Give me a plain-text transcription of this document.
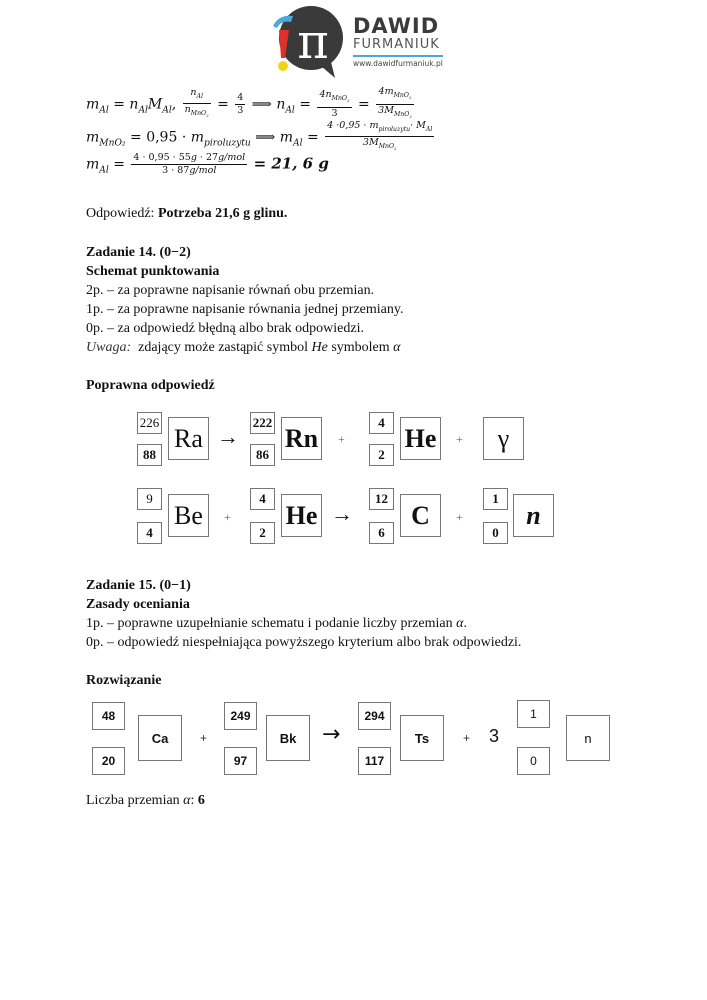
π DAWID
FURMANIUK
www.dawidfurmaniuk.pl
$m_{Al} = n_{Al}M_{Al}$, $\frac{n_{Al}}{n_{MnO_2}} = \frac{4}{3}$ ⟹ $n_{Al} = \frac{4n_{MnO_2}}{3} = \frac{4m_{MnO_2}}{3M_{MnO_2}}$
$m_{MnO_2} = 0,95 \cdot m_{piroluzytu}$ ⟹ $m_{Al} = \frac{4 \cdot 0,95 \cdot m_{piroluzytu}\cdot M_{Al}}{3M_{MnO_2}}$
$m_{Al} = \frac{\text{4 · 0,95 · 55g · 27g/mol}}{\text{3 · 87g/mol}} = 21$, 6 g
Odpowiedź: Potrzeba 21,6 g glinu.
Zadanie 14. (0−2)
Schemat punktowania
2p. – za poprawne napisanie równań obu przemian.
1p. – za poprawne napisanie równania jednej przemiany.
0p. – za odpowiedź błędną albo brak odpowiedzi.
Uwaga: zdający może zastąpić symbol He symbolem α
Poprawna odpowiedź
226
88
Ra →
222
86
Rn	+
4
2
He	+	γ
9
4
Be	+
4
2
He →
12
6
C	+
1
0
n
Zadanie 15. (0−1)
Zasady oceniania
1p. – poprawne uzupełnianie schematu i podanie liczby przemian α.
0p. – odpowiedź niespełniająca powyższego kryterium albo brak odpowiedzi.
Rozwiązanie
48
20
Ca	+
249
97
Bk	→
294
117
Ts	+ 3
1
0
n
Liczba przemian α: 6
